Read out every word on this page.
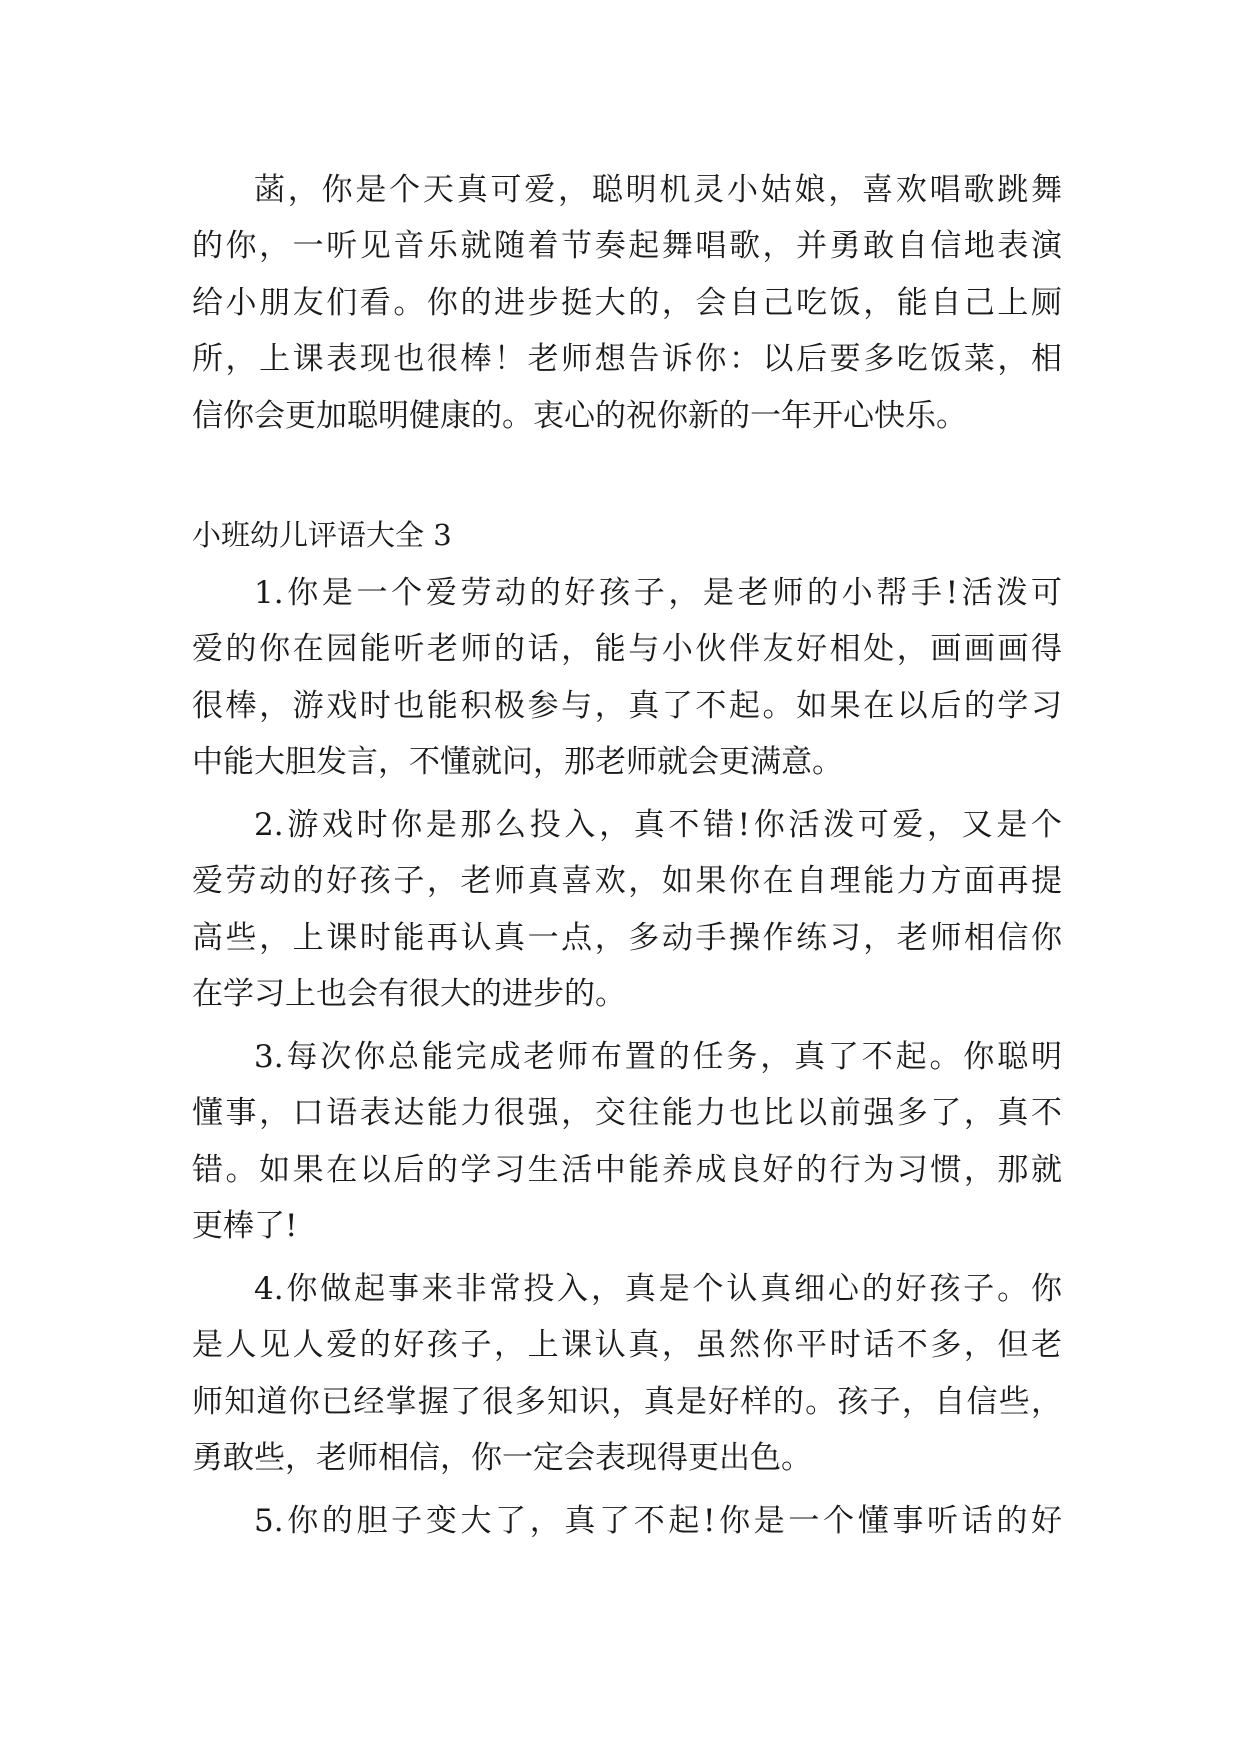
菡，你是个天真可爱，聪明机灵小姑娘，喜欢唱歌跳舞

的你，一听见音乐就随着节奏起舞唱歌，并勇敢自信地表演

给小朋友们看。你的进步挺大的，会自己吃饭，能自己上厕

所，上课表现也很棒！老师想告诉你：以后要多吃饭菜，相

信你会更加聪明健康的。衷心的祝你新的一年开心快乐。

小班幼儿评语大全 3

1.你是一个爱劳动的好孩子，是老师的小帮手!活泼可

爱的你在园能听老师的话，能与小伙伴友好相处，画画画得

很棒，游戏时也能积极参与，真了不起。如果在以后的学习

中能大胆发言，不懂就问，那老师就会更满意。

2.游戏时你是那么投入，真不错!你活泼可爱，又是个

爱劳动的好孩子，老师真喜欢，如果你在自理能力方面再提

高些，上课时能再认真一点，多动手操作练习，老师相信你

在学习上也会有很大的进步的。

3.每次你总能完成老师布置的任务，真了不起。你聪明

懂事，口语表达能力很强，交往能力也比以前强多了，真不

错。如果在以后的学习生活中能养成良好的行为习惯，那就

更棒了!

4.你做起事来非常投入，真是个认真细心的好孩子。你

是人见人爱的好孩子，上课认真，虽然你平时话不多，但老

师知道你已经掌握了很多知识，真是好样的。孩子，自信些，

勇敢些，老师相信，你一定会表现得更出色。

5.你的胆子变大了，真了不起!你是一个懂事听话的好
